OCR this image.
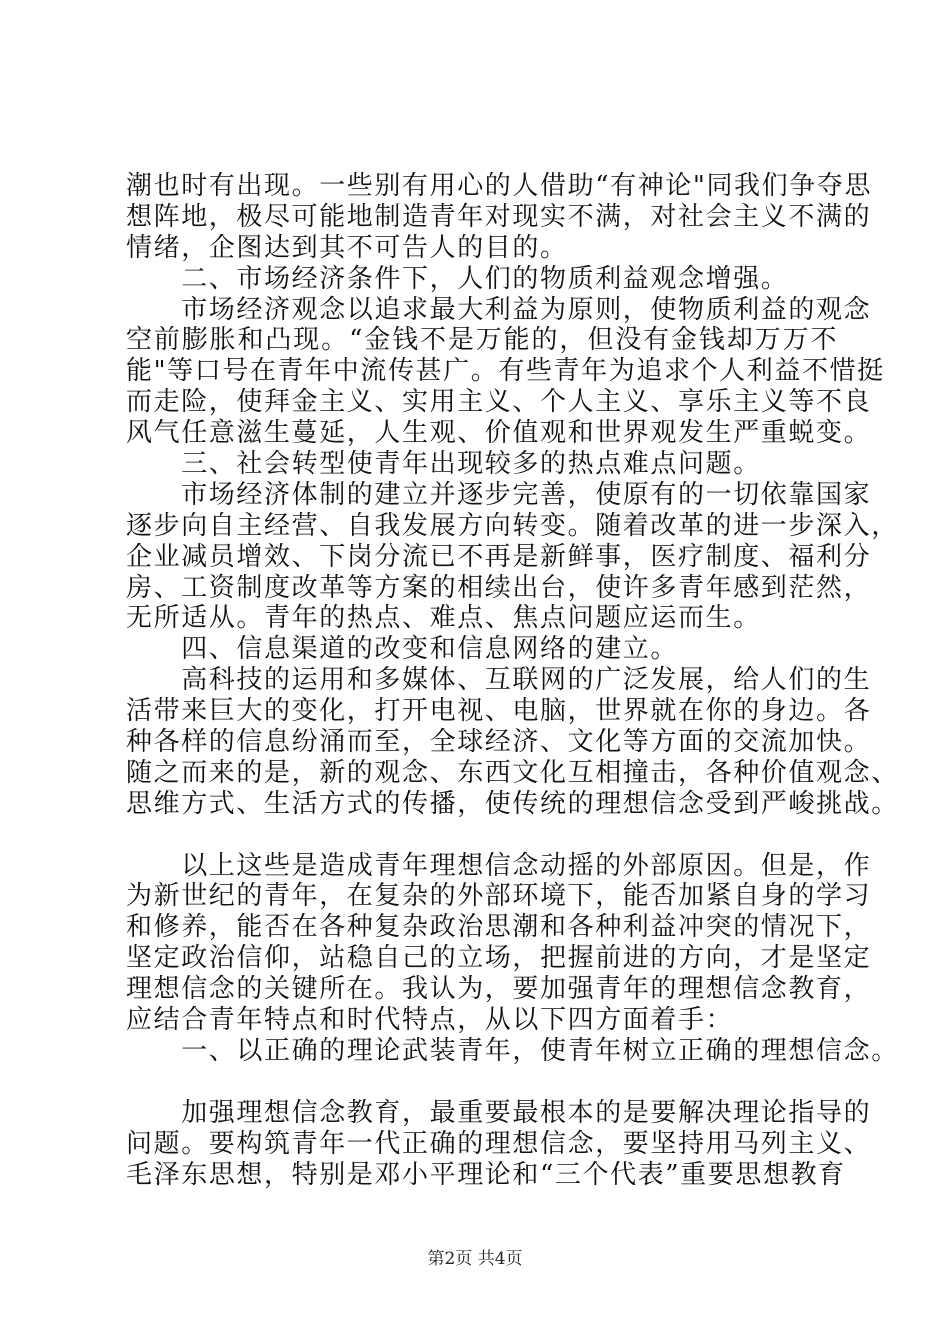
潮也时有出现。一些别有用心的人借助“有神论"同我们争夺思
想阵地，极尽可能地制造青年对现实不满，对社会主义不满的
情绪，企图达到其不可告人的目的。
　　二、市场经济条件下，人们的物质利益观念增强。
　　市场经济观念以追求最大利益为原则，使物质利益的观念
空前膨胀和凸现。“金钱不是万能的，但没有金钱却万万不
能"等口号在青年中流传甚广。有些青年为追求个人利益不惜挺
而走险，使拜金主义、实用主义、个人主义、享乐主义等不良
风气任意滋生蔓延，人生观、价值观和世界观发生严重蜕变。
　　三、社会转型使青年出现较多的热点难点问题。
　　市场经济体制的建立并逐步完善，使原有的一切依靠国家
逐步向自主经营、自我发展方向转变。随着改革的进一步深入，
企业减员增效、下岗分流已不再是新鲜事，医疗制度、福利分
房、工资制度改革等方案的相续出台，使许多青年感到茫然，
无所适从。青年的热点、难点、焦点问题应运而生。
　　四、信息渠道的改变和信息网络的建立。
　　高科技的运用和多媒体、互联网的广泛发展，给人们的生
活带来巨大的变化，打开电视、电脑，世界就在你的身边。各
种各样的信息纷涌而至，全球经济、文化等方面的交流加快。
随之而来的是，新的观念、东西文化互相撞击，各种价值观念、
思维方式、生活方式的传播，使传统的理想信念受到严峻挑战。
　　以上这些是造成青年理想信念动摇的外部原因。但是，作
为新世纪的青年，在复杂的外部环境下，能否加紧自身的学习
和修养，能否在各种复杂政治思潮和各种利益冲突的情况下，
坚定政治信仰，站稳自己的立场，把握前进的方向，才是坚定
理想信念的关键所在。我认为，要加强青年的理想信念教育，
应结合青年特点和时代特点，从以下四方面着手：
　　一、以正确的理论武装青年，使青年树立正确的理想信念。
　　加强理想信念教育，最重要最根本的是要解决理论指导的
问题。要构筑青年一代正确的理想信念，要坚持用马列主义、
毛泽东思想，特别是邓小平理论和“三个代表”重要思想教育
第2页 共4页
